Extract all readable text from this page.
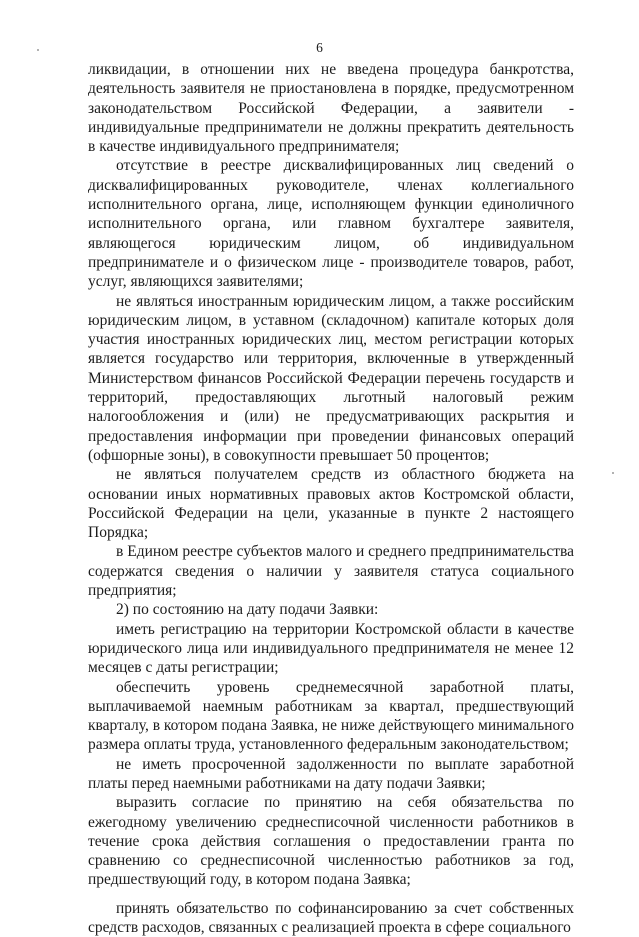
6

ликвидации, в отношении них не введена процедура банкротства, деятельность заявителя не приостановлена в порядке, предусмотренном законодательством Российской Федерации, а заявители - индивидуальные предприниматели не должны прекратить деятельность в качестве индивидуального предпринимателя;

отсутствие в реестре дисквалифицированных лиц сведений о дисквалифицированных руководителе, членах коллегиального исполнительного органа, лице, исполняющем функции единоличного исполнительного органа, или главном бухгалтере заявителя, являющегося юридическим лицом, об индивидуальном предпринимателе и о физическом лице - производителе товаров, работ, услуг, являющихся заявителями;

не являться иностранным юридическим лицом, а также российским юридическим лицом, в уставном (складочном) капитале которых доля участия иностранных юридических лиц, местом регистрации которых является государство или территория, включенные в утвержденный Министерством финансов Российской Федерации перечень государств и территорий, предоставляющих льготный налоговый режим налогообложения и (или) не предусматривающих раскрытия и предоставления информации при проведении финансовых операций (офшорные зоны), в совокупности превышает 50 процентов;

не являться получателем средств из областного бюджета на основании иных нормативных правовых актов Костромской области, Российской Федерации на цели, указанные в пункте 2 настоящего Порядка;

в Едином реестре субъектов малого и среднего предпринимательства содержатся сведения о наличии у заявителя статуса социального предприятия;

2) по состоянию на дату подачи Заявки:

иметь регистрацию на территории Костромской области в качестве юридического лица или индивидуального предпринимателя не менее 12 месяцев с даты регистрации;

обеспечить уровень среднемесячной заработной платы, выплачиваемой наемным работникам за квартал, предшествующий кварталу, в котором подана Заявка, не ниже действующего минимального размера оплаты труда, установленного федеральным законодательством;

не иметь просроченной задолженности по выплате заработной платы перед наемными работниками на дату подачи Заявки;

выразить согласие по принятию на себя обязательства по ежегодному увеличению среднесписочной численности работников в течение срока действия соглашения о предоставлении гранта по сравнению со среднесписочной численностью работников за год, предшествующий году, в котором подана Заявка;

принять обязательство по софинансированию за счет собственных средств расходов, связанных с реализацией проекта в сфере социального
